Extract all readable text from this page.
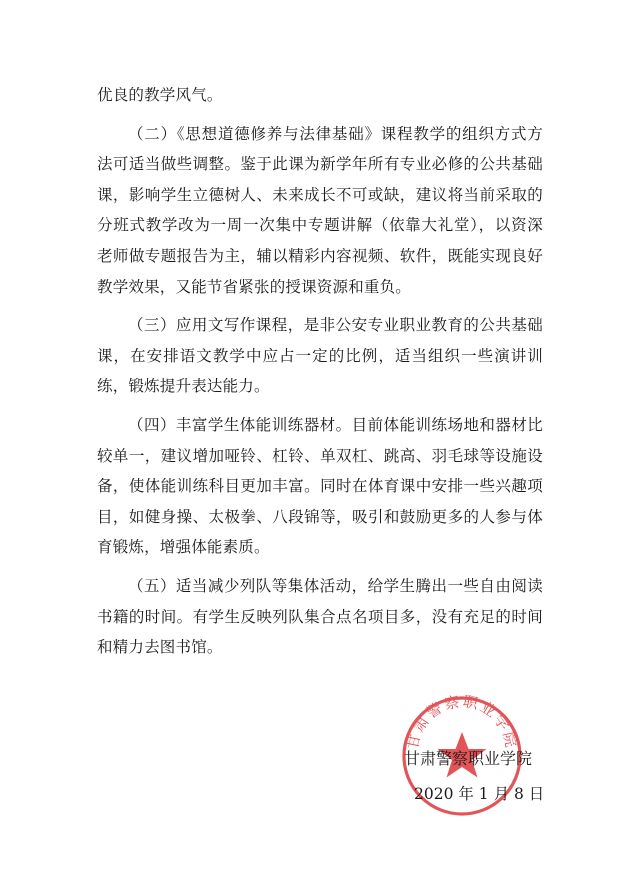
优良的教学风气。

（二）《思想道德修养与法律基础》课程教学的组织方式方法可适当做些调整。鉴于此课为新学年所有专业必修的公共基础课，影响学生立德树人、未来成长不可或缺，建议将当前采取的分班式教学改为一周一次集中专题讲解（依靠大礼堂），以资深老师做专题报告为主，辅以精彩内容视频、软件，既能实现良好教学效果，又能节省紧张的授课资源和重负。

（三）应用文写作课程，是非公安专业职业教育的公共基础课，在安排语文教学中应占一定的比例，适当组织一些演讲训练，锻炼提升表达能力。

（四）丰富学生体能训练器材。目前体能训练场地和器材比较单一，建议增加哑铃、杠铃、单双杠、跳高、羽毛球等设施设备，使体能训练科目更加丰富。同时在体育课中安排一些兴趣项目，如健身操、太极拳、八段锦等，吸引和鼓励更多的人参与体育锻炼，增强体能素质。

（五）适当减少列队等集体活动，给学生腾出一些自由阅读书籍的时间。有学生反映列队集合点名项目多，没有充足的时间和精力去图书馆。

甘肃警察职业学院
甘肃警察职业学院
2020 年 1 月 8 日
